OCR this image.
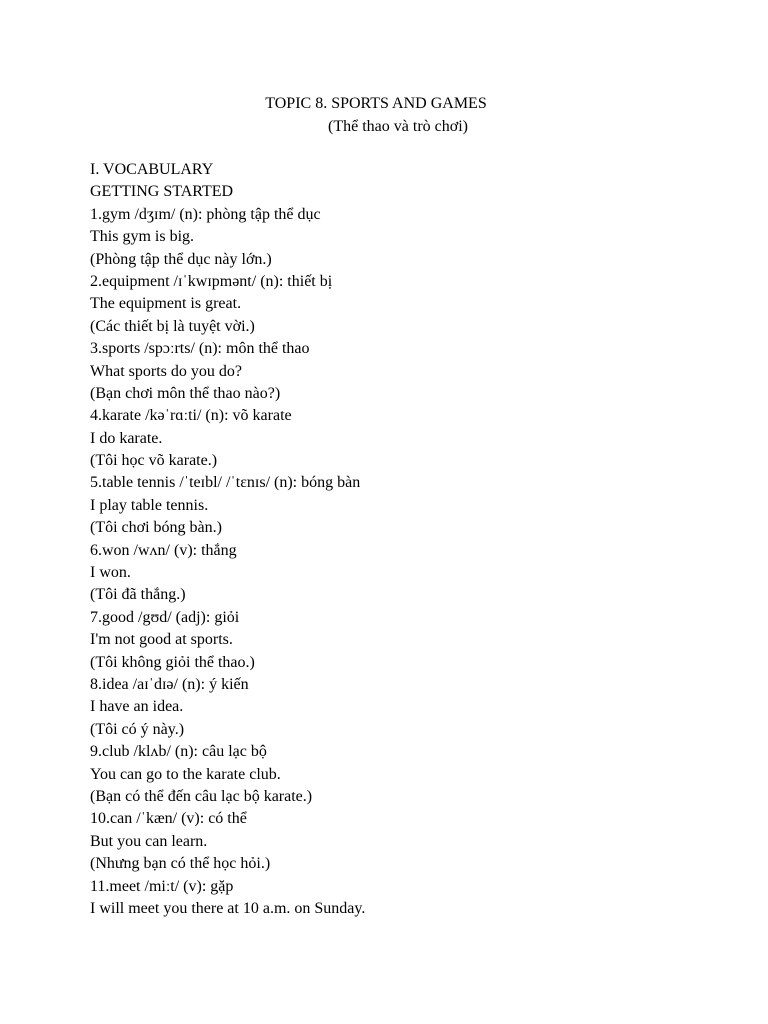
TOPIC 8. SPORTS AND GAMES
(Thể thao và trò chơi)
I. VOCABULARY
GETTING STARTED
1.gym /dʒɪm/ (n): phòng tập thể dục
This gym is big.
(Phòng tập thể dục này lớn.)
2.equipment /ɪˈkwɪpmənt/ (n): thiết bị
The equipment is great.
(Các thiết bị là tuyệt vời.)
3.sports /spɔːrts/ (n): môn thể thao
What sports do you do?
(Bạn chơi môn thể thao nào?)
4.karate /kəˈrɑːti/ (n): võ karate
I do karate.
(Tôi học võ karate.)
5.table tennis /ˈteɪbl/ /ˈtɛnɪs/ (n): bóng bàn
I play table tennis.
(Tôi chơi bóng bàn.)
6.won /wʌn/ (v): thắng
I won.
(Tôi đã thắng.)
7.good /gʊd/ (adj): giỏi
I'm not good at sports.
(Tôi không giỏi thể thao.)
8.idea /aɪˈdɪə/ (n): ý kiến
I have an idea.
(Tôi có ý này.)
9.club /klʌb/ (n): câu lạc bộ
You can go to the karate club.
(Bạn có thể đến câu lạc bộ karate.)
10.can /ˈkæn/ (v): có thể
But you can learn.
(Nhưng bạn có thể học hỏi.)
11.meet /miːt/ (v): gặp
I will meet you there at 10 a.m. on Sunday.
